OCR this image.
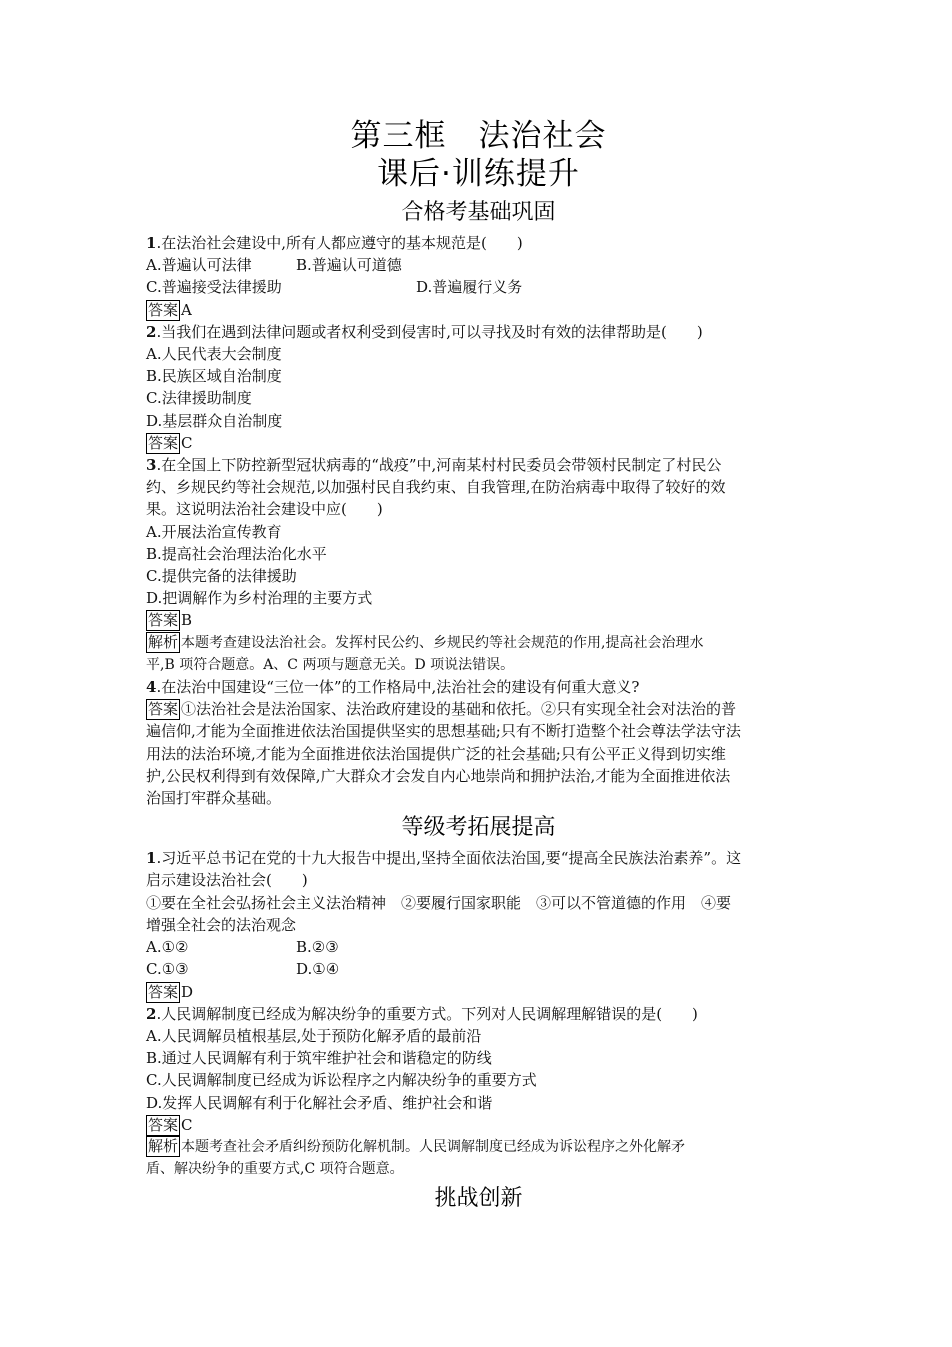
第三框　法治社会
课后·训练提升
合格考基础巩固
1.在法治社会建设中,所有人都应遵守的基本规范是(　　)
A.普遍认可法律	B.普遍认可道德
C.普遍接受法律援助	D.普遍履行义务
答案 A
2.当我们在遇到法律问题或者权利受到侵害时,可以寻找及时有效的法律帮助是(　　)
A.人民代表大会制度
B.民族区域自治制度
C.法律援助制度
D.基层群众自治制度
答案 C
3.在全国上下防控新型冠状病毒的“战疫”中,河南某村村民委员会带领村民制定了村民公
约、乡规民约等社会规范,以加强村民自我约束、自我管理,在防治病毒中取得了较好的效
果。这说明法治社会建设中应(　　)
A.开展法治宣传教育
B.提高社会治理法治化水平
C.提供完备的法律援助
D.把调解作为乡村治理的主要方式
答案 B
解析 本题考查建设法治社会。发挥村民公约、乡规民约等社会规范的作用,提高社会治理水
平,B 项符合题意。A、C 两项与题意无关。D 项说法错误。
4.在法治中国建设“三位一体”的工作格局中,法治社会的建设有何重大意义?
答案 ①法治社会是法治国家、法治政府建设的基础和依托。②只有实现全社会对法治的普
遍信仰,才能为全面推进依法治国提供坚实的思想基础;只有不断打造整个社会尊法学法守法
用法的法治环境,才能为全面推进依法治国提供广泛的社会基础;只有公平正义得到切实维
护,公民权利得到有效保障,广大群众才会发自内心地崇尚和拥护法治,才能为全面推进依法
治国打牢群众基础。
等级考拓展提高
1.习近平总书记在党的十九大报告中提出,坚持全面依法治国,要“提高全民族法治素养”。这
启示建设法治社会(　　)
①要在全社会弘扬社会主义法治精神　②要履行国家职能　③可以不管道德的作用　④要
增强全社会的法治观念
A.①②	B.②③
C.①③	D.①④
答案 D
2.人民调解制度已经成为解决纷争的重要方式。下列对人民调解理解错误的是(　　)
A.人民调解员植根基层,处于预防化解矛盾的最前沿
B.通过人民调解有利于筑牢维护社会和谐稳定的防线
C.人民调解制度已经成为诉讼程序之内解决纷争的重要方式
D.发挥人民调解有利于化解社会矛盾、维护社会和谐
答案 C
解析 本题考查社会矛盾纠纷预防化解机制。人民调解制度已经成为诉讼程序之外化解矛
盾、解决纷争的重要方式,C 项符合题意。
挑战创新
